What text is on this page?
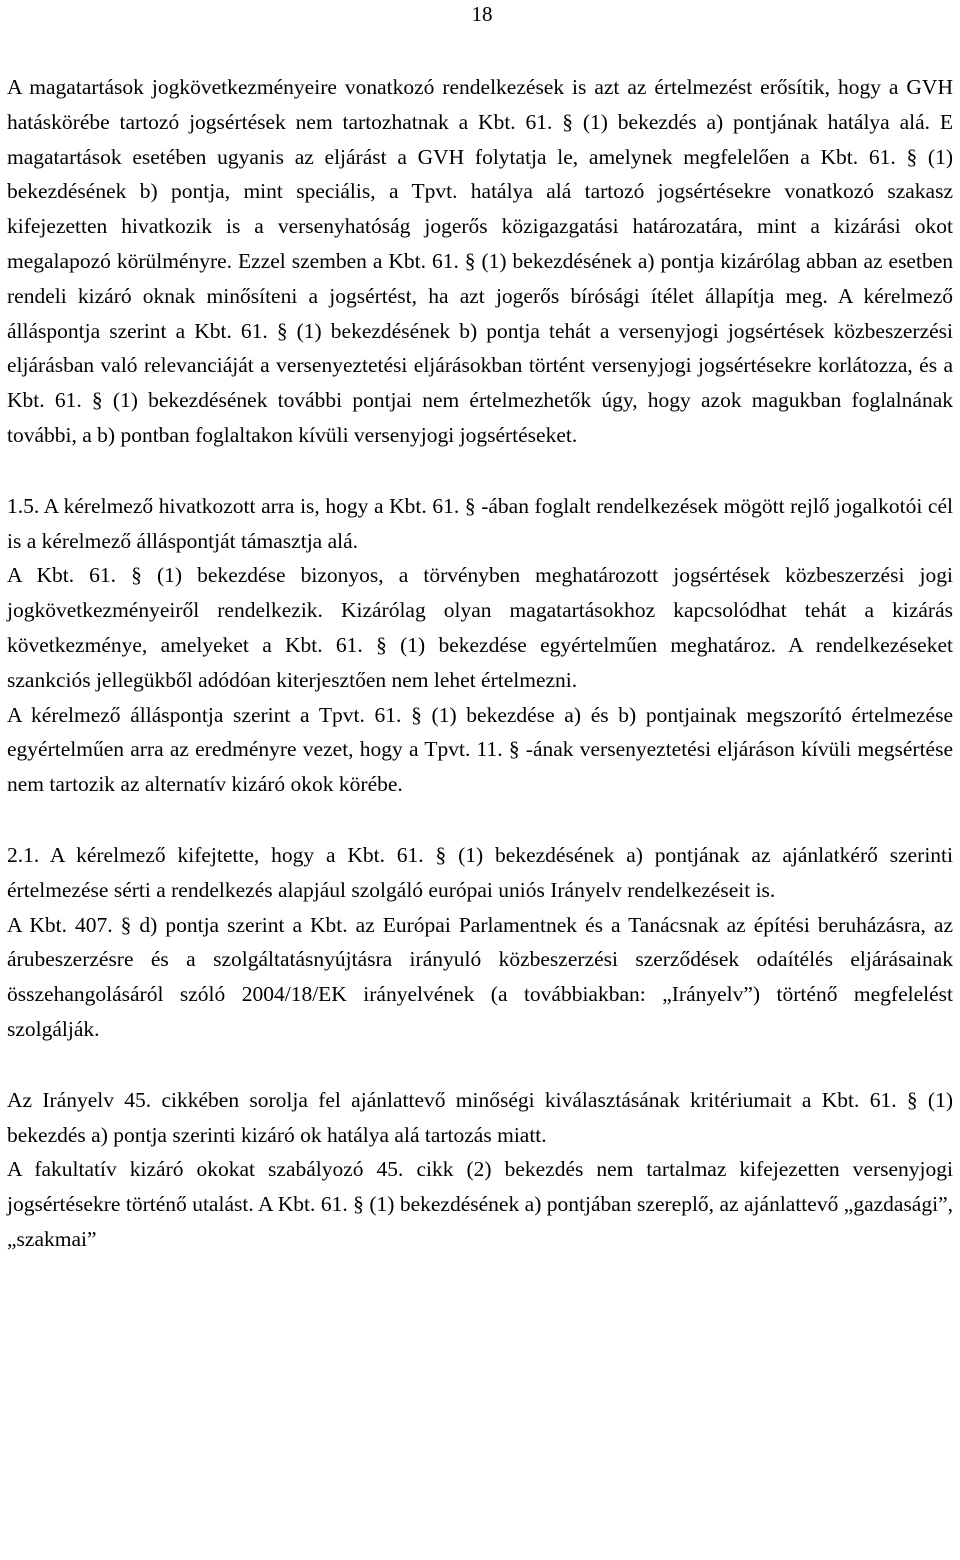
18

A magatartások jogkövetkezményeire vonatkozó rendelkezések is azt az értelmezést erősítik, hogy a GVH hatáskörébe tartozó jogsértések nem tartozhatnak a Kbt. 61. § (1) bekezdés a) pontjának hatálya alá. E magatartások esetében ugyanis az eljárást a GVH folytatja le, amelynek megfelelően a Kbt. 61. § (1) bekezdésének b) pontja, mint speciális, a Tpvt. hatálya alá tartozó jogsértésekre vonatkozó szakasz kifejezetten hivatkozik is a versenyhatóság jogerős közigazgatási határozatára, mint a kizárási okot megalapozó körülményre. Ezzel szemben a Kbt. 61. § (1) bekezdésének a) pontja kizárólag abban az esetben rendeli kizáró oknak minősíteni a jogsértést, ha azt jogerős bírósági ítélet állapítja meg. A kérelmező álláspontja szerint a Kbt. 61. § (1) bekezdésének b) pontja tehát a versenyjogi jogsértések közbeszerzési eljárásban való relevanciáját a versenyeztetési eljárásokban történt versenyjogi jogsértésekre korlátozza, és a Kbt. 61. § (1) bekezdésének további pontjai nem értelmezhetők úgy, hogy azok magukban foglalnának további, a b) pontban foglaltakon kívüli versenyjogi jogsértéseket.

1.5. A kérelmező hivatkozott arra is, hogy a Kbt. 61. § -ában foglalt rendelkezések mögött rejlő jogalkotói cél is a kérelmező álláspontját támasztja alá.

A Kbt. 61. § (1) bekezdése bizonyos, a törvényben meghatározott jogsértések közbeszerzési jogi jogkövetkezményeiről rendelkezik. Kizárólag olyan magatartásokhoz kapcsolódhat tehát a kizárás következménye, amelyeket a Kbt. 61. § (1) bekezdése egyértelműen meghatároz. A rendelkezéseket szankciós jellegükből adódóan kiterjesztően nem lehet értelmezni.

A kérelmező álláspontja szerint a Tpvt. 61. § (1) bekezdése a) és b) pontjainak megszorító értelmezése egyértelműen arra az eredményre vezet, hogy a Tpvt. 11. § -ának versenyeztetési eljáráson kívüli megsértése nem tartozik az alternatív kizáró okok körébe.

2.1. A kérelmező kifejtette, hogy a Kbt. 61. § (1) bekezdésének a) pontjának az ajánlatkérő szerinti értelmezése sérti a rendelkezés alapjául szolgáló európai uniós Irányelv rendelkezéseit is.

A Kbt. 407. § d) pontja szerint a Kbt. az Európai Parlamentnek és a Tanácsnak az építési beruházásra, az árubeszerzésre és a szolgáltatásnyújtásra irányuló közbeszerzési szerződések odaítélés eljárásainak összehangolásáról szóló 2004/18/EK irányelvének (a továbbiakban: „Irányelv”) történő megfelelést szolgálják.

Az Irányelv 45. cikkében sorolja fel ajánlattevő minőségi kiválasztásának kritériumait a Kbt. 61. § (1) bekezdés a) pontja szerinti kizáró ok hatálya alá tartozás miatt.

A fakultatív kizáró okokat szabályozó 45. cikk (2) bekezdés nem tartalmaz kifejezetten versenyjogi jogsértésekre történő utalást. A Kbt. 61. § (1) bekezdésének a) pontjában szereplő, az ajánlattevő „gazdasági”, „szakmai”
